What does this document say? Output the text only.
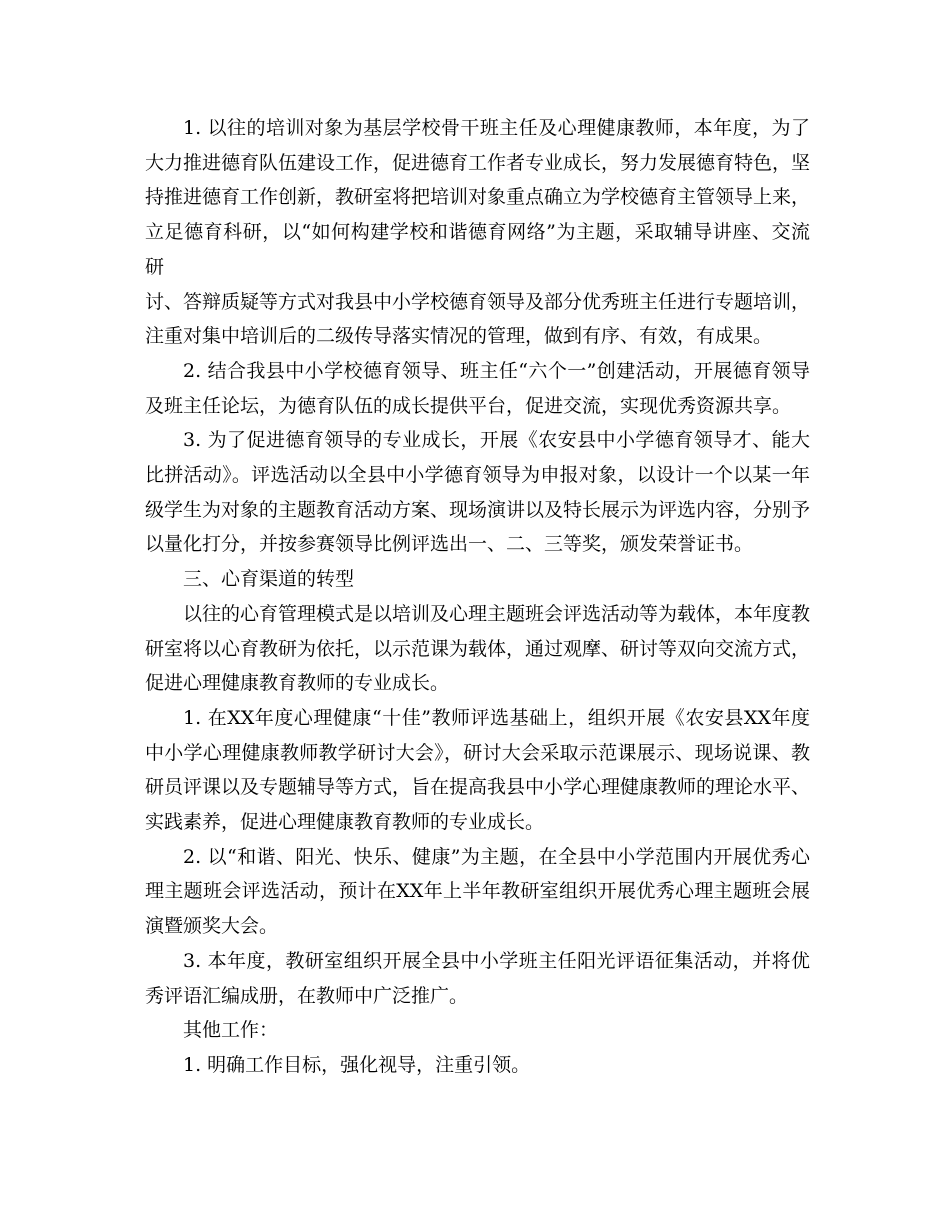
1. 以往的培训对象为基层学校骨干班主任及心理健康教师，本年度，为了大力推进德育队伍建设工作，促进德育工作者专业成长，努力发展德育特色，坚持推进德育工作创新，教研室将把培训对象重点确立为学校德育主管领导上来，立足德育科研，以“如何构建学校和谐德育网络”为主题，采取辅导讲座、交流研
讨、答辩质疑等方式对我县中小学校德育领导及部分优秀班主任进行专题培训，注重对集中培训后的二级传导落实情况的管理，做到有序、有效，有成果。

2. 结合我县中小学校德育领导、班主任“六个一”创建活动，开展德育领导及班主任论坛，为德育队伍的成长提供平台，促进交流，实现优秀资源共享。

3. 为了促进德育领导的专业成长，开展《农安县中小学德育领导才、能大比拼活动》。评选活动以全县中小学德育领导为申报对象，以设计一个以某一年级学生为对象的主题教育活动方案、现场演讲以及特长展示为评选内容，分别予以量化打分，并按参赛领导比例评选出一、二、三等奖，颁发荣誉证书。

三、心育渠道的转型

以往的心育管理模式是以培训及心理主题班会评选活动等为载体，本年度教研室将以心育教研为依托，以示范课为载体，通过观摩、研讨等双向交流方式，促进心理健康教育教师的专业成长。

1. 在XX年度心理健康“十佳”教师评选基础上，组织开展《农安县XX年度中小学心理健康教师教学研讨大会》，研讨大会采取示范课展示、现场说课、教研员评课以及专题辅导等方式，旨在提高我县中小学心理健康教师的理论水平、实践素养，促进心理健康教育教师的专业成长。

2. 以“和谐、阳光、快乐、健康”为主题，在全县中小学范围内开展优秀心理主题班会评选活动，预计在XX年上半年教研室组织开展优秀心理主题班会展演暨颁奖大会。

3. 本年度，教研室组织开展全县中小学班主任阳光评语征集活动，并将优秀评语汇编成册，在教师中广泛推广。

其他工作：

1. 明确工作目标，强化视导，注重引领。
